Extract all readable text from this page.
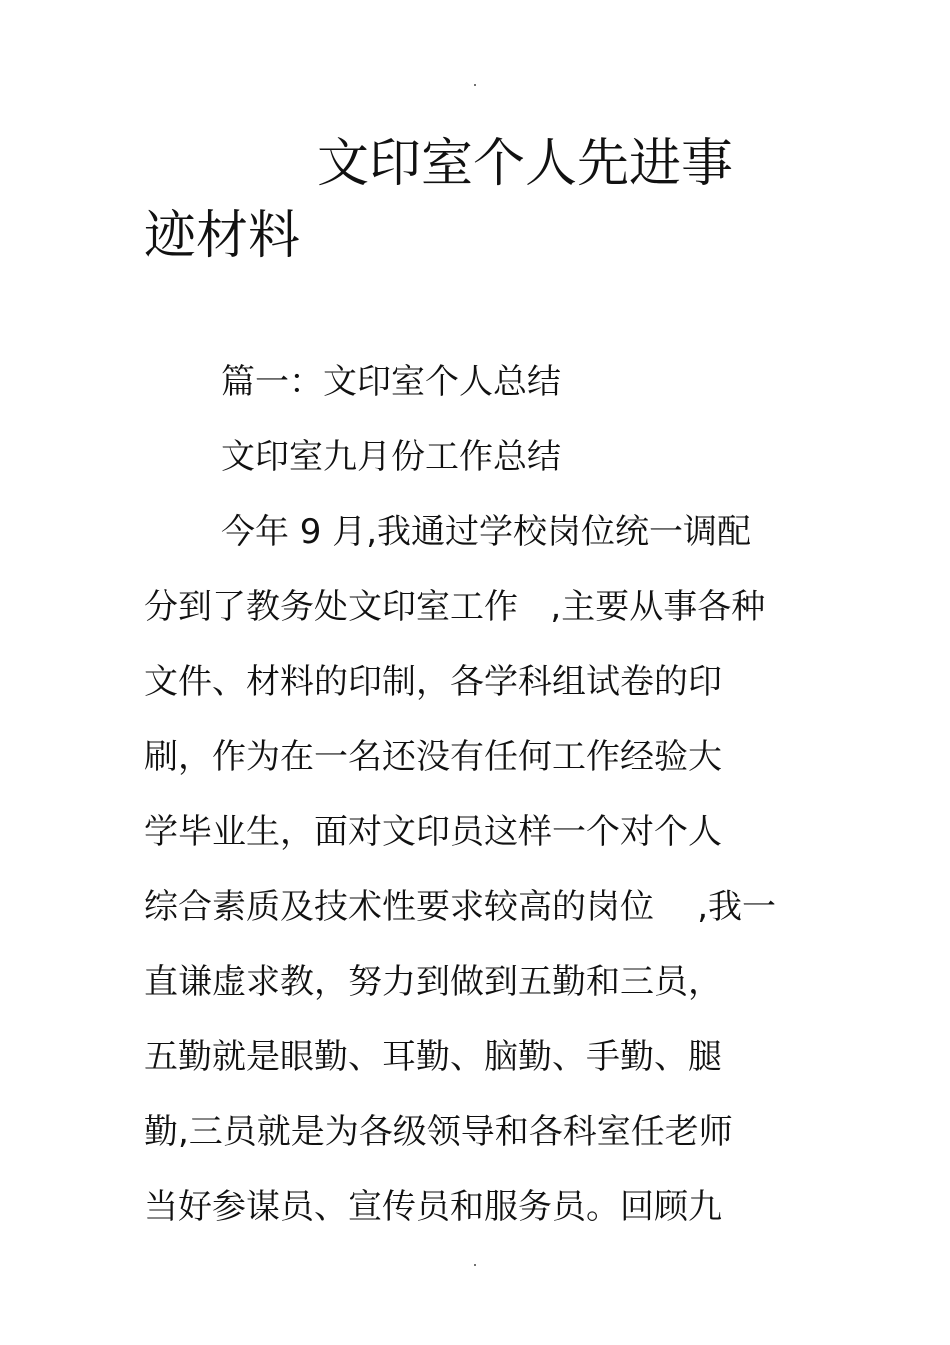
文印室个人先进事
迹材料

篇一：文印室个人总结

文印室九月份工作总结

今年 9 月,我通过学校岗位统一调配

分到了教务处文印室工作   ,主要从事各种

文件、材料的印制，各学科组试卷的印

刷，作为在一名还没有任何工作经验大

学毕业生，面对文印员这样一个对个人

综合素质及技术性要求较高的岗位    ,我一

直谦虚求教，努力到做到五勤和三员，

五勤就是眼勤、耳勤、脑勤、手勤、腿

勤,三员就是为各级领导和各科室任老师

当好参谋员、宣传员和服务员。回顾九
